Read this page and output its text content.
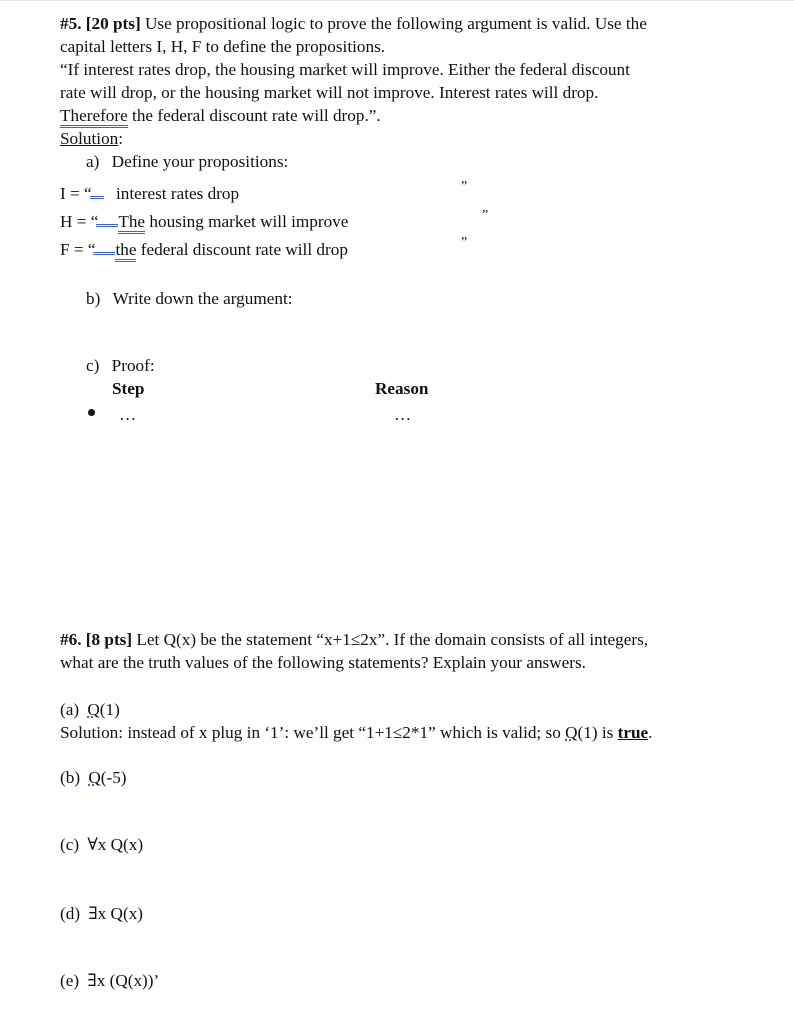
#5. [20 pts] Use propositional logic to prove the following argument is valid. Use the
capital letters I, H, F to define the propositions.
“If interest rates drop, the housing market will improve. Either the federal discount
rate will drop, or the housing market will not improve. Interest rates will drop.
Therefore the federal discount rate will drop.”.
Solution:
a) Define your propositions:
I = “ interest rates drop	”
H = “ The housing market will improve	”
F = “ the federal discount rate will drop	”
b) Write down the argument:
c) Proof:
Step	Reason
…	…
#6. [8 pts] Let Q(x) be the statement “x+1≤2x”. If the domain consists of all integers,
what are the truth values of the following statements? Explain your answers.
(a) Q(1)
Solution: instead of x plug in ‘1’: we’ll get “1+1≤2*1” which is valid; so Q(1) is true.
(b) Q(-5)
(c) ∀x Q(x)
(d) ∃x Q(x)
(e) ∃x (Q(x))’
